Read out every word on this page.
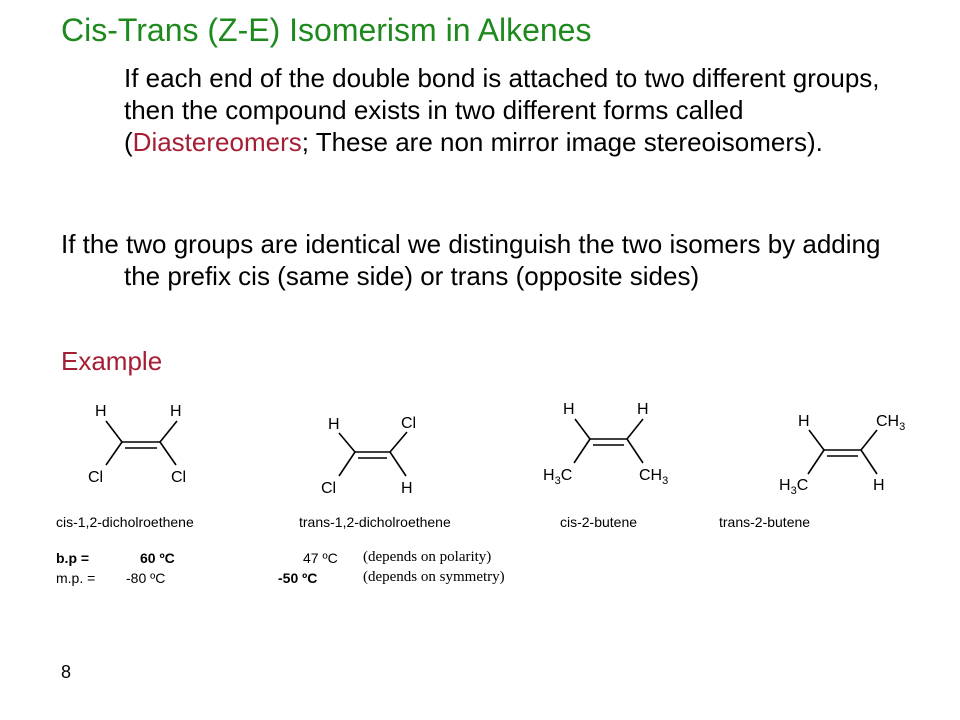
Cis-Trans (Z-E) Isomerism in Alkenes

If each end of the double bond is attached to two different groups, then the compound exists in two different forms called (Diastereomers; These are non mirror image stereoisomers).

If the two groups are identical we distinguish the two isomers by adding the prefix cis (same side) or trans (opposite sides)

Example
H	H
Cl	Cl
H	Cl
Cl	H
H	H
$H_3C$	$CH_3$
H	$CH_3$
$H_3C$	H
cis-1,2-dicholroethene	trans-1,2-dicholroethene	cis-2-butene	trans-2-butene
b.p =	60 ºC	47 ºC (depends on polarity)
m.p. = -80 ºC	-50 ºC	(depends on symmetry)
8
